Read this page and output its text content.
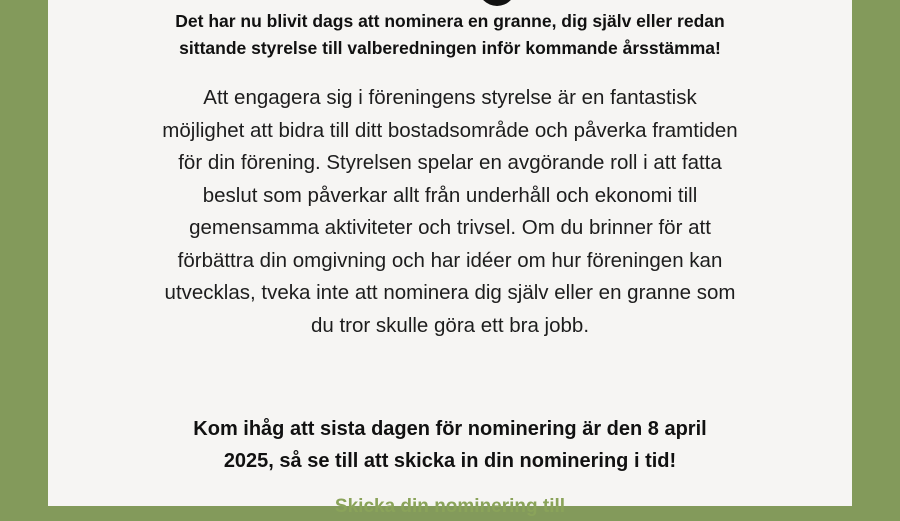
Det har nu blivit dags att nominera en granne, dig själv eller redan
sittande styrelse till valberedningen inför kommande årsstämma!

Att engagera sig i föreningens styrelse är en fantastisk
möjlighet att bidra till ditt bostadsområde och påverka framtiden
för din förening. Styrelsen spelar en avgörande roll i att fatta
beslut som påverkar allt från underhåll och ekonomi till
gemensamma aktiviteter och trivsel. Om du brinner för att
förbättra din omgivning och har idéer om hur föreningen kan
utvecklas, tveka inte att nominera dig själv eller en granne som
du tror skulle göra ett bra jobb.

Kom ihåg att sista dagen för nominering är den 8 april
2025, så se till att skicka in din nominering i tid!

Skicka din nominering till
